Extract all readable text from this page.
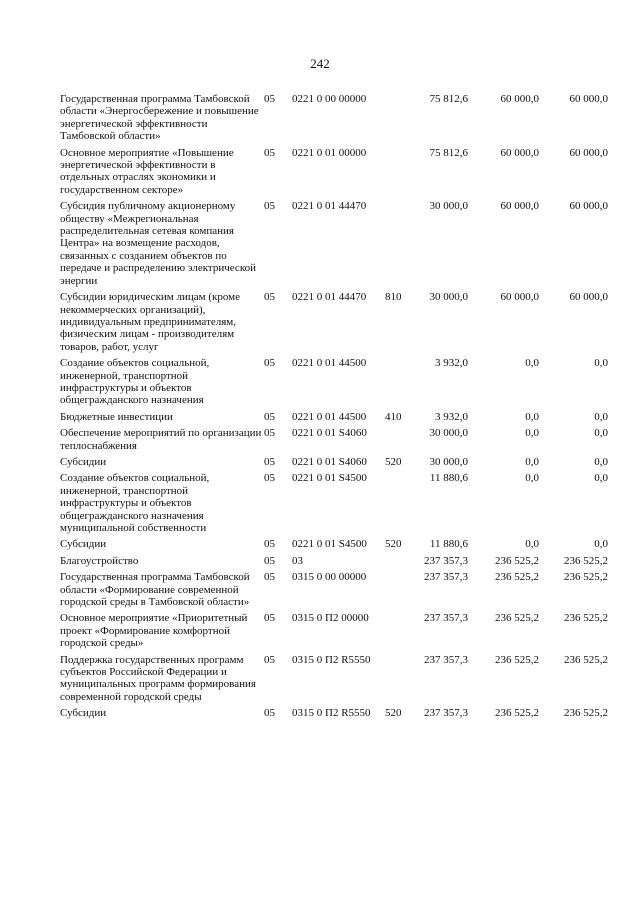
242
Государственная программа Тамбовской области «Энергосбережение и повышение энергетической эффективности Тамбовской области»
05 02 21 0 00 00000	75 812,6	60 000,0	60 000,0
Основное мероприятие «Повышение энергетической эффективности в отдельных отраслях экономики и государственном секторе»
05 02 21 0 01 00000	75 812,6	60 000,0	60 000,0
Субсидия публичному акционерному обществу «Межрегиональная распределительная сетевая компания Центра» на возмещение расходов, связанных с созданием объектов по передаче и распределению электрической энергии
05 02 21 0 01 44470	30 000,0	60 000,0	60 000,0
Субсидии юридическим лицам (кроме некоммерческих организаций), индивидуальным предпринимателям, физическим лицам - производителям товаров, работ, услуг
05 02 21 0 01 44470 810	30 000,0	60 000,0	60 000,0
Создание объектов социальной, инженерной, транспортной инфраструктуры и объектов общегражданского назначения
05 02 21 0 01 44500	3 932,0	0,0	0,0
Бюджетные инвестиции	05 02 21 0 01 44500 410	3 932,0	0,0	0,0
Обеспечение мероприятий по организации теплоснабжения
05 02 21 0 01 S4060	30 000,0	0,0	0,0
Субсидии	05 02 21 0 01 S4060 520	30 000,0	0,0	0,0
Создание объектов социальной, инженерной, транспортной инфраструктуры и объектов общегражданского назначения муниципальной собственности
05 02 21 0 01 S4500	11 880,6	0,0	0,0
Субсидии	05 02 21 0 01 S4500 520	11 880,6	0,0	0,0
Благоустройство	05 03	237 357,3	236 525,2	236 525,2
Государственная программа Тамбовской области «Формирование современной городской среды в Тамбовской области»
05 03 15 0 00 00000	237 357,3	236 525,2	236 525,2
Основное мероприятие «Приоритетный проект «Формирование комфортной городской среды»
05 03 15 0 П2 00000	237 357,3	236 525,2	236 525,2
Поддержка государственных программ субъектов Российской Федерации и муниципальных программ формирования современной городской среды
05 03 15 0 П2 R5550	237 357,3	236 525,2	236 525,2
Субсидии	05 03 15 0 П2 R5550 520	237 357,3	236 525,2	236 525,2
